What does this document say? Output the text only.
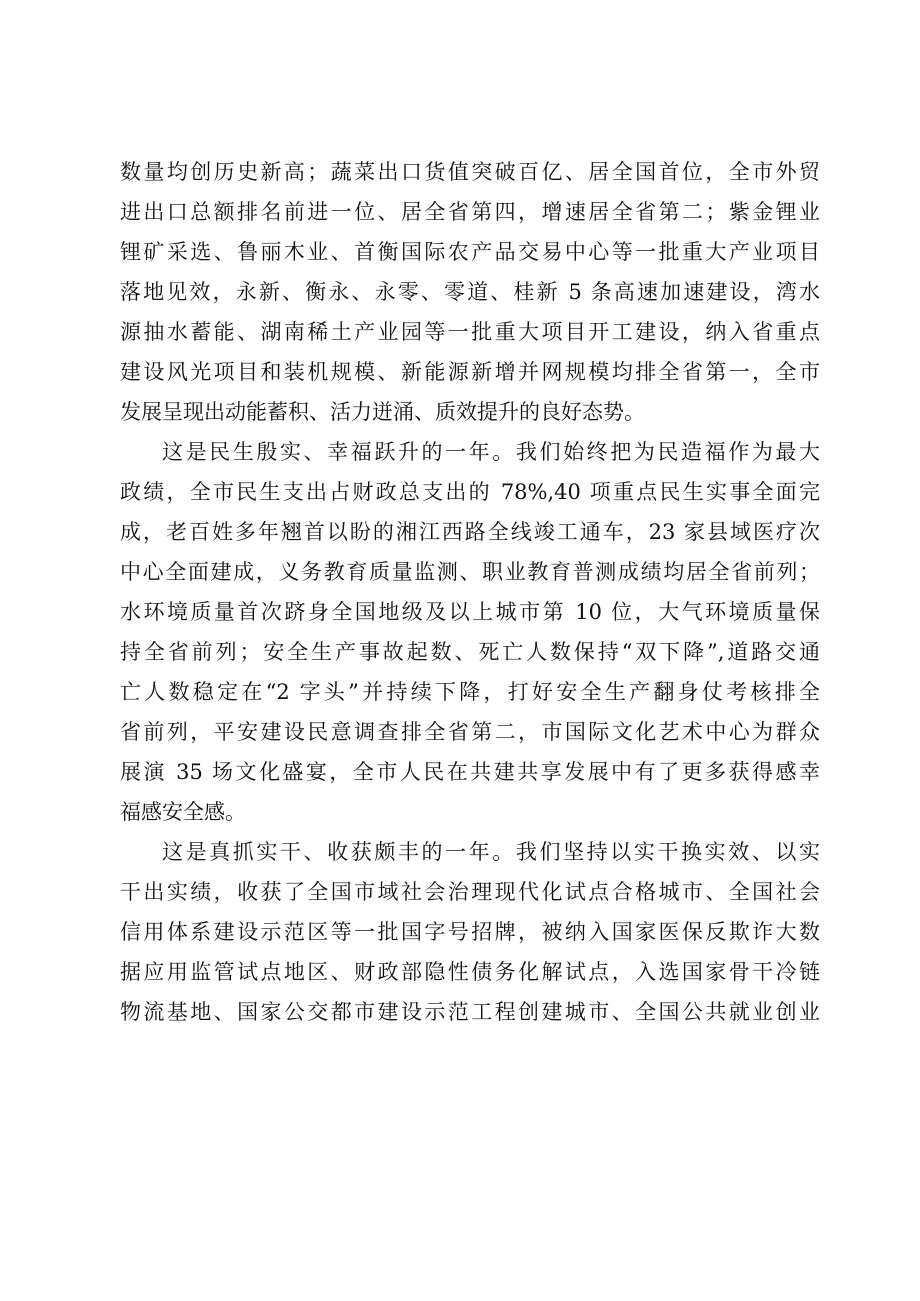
数量均创历史新高；蔬菜出口货值突破百亿、居全国首位，全市外贸
进出口总额排名前进一位、居全省第四，增速居全省第二；紫金锂业
锂矿采选、鲁丽木业、首衡国际农产品交易中心等一批重大产业项目
落地见效，永新、衡永、永零、零道、桂新 5 条高速加速建设，湾水
源抽水蓄能、湖南稀土产业园等一批重大项目开工建设，纳入省重点
建设风光项目和装机规模、新能源新增并网规模均排全省第一，全市
发展呈现出动能蓄积、活力迸涌、质效提升的良好态势。
这是民生殷实、幸福跃升的一年。我们始终把为民造福作为最大
政绩，全市民生支出占财政总支出的 78%,40 项重点民生实事全面完
成，老百姓多年翘首以盼的湘江西路全线竣工通车，23 家县域医疗次
中心全面建成，义务教育质量监测、职业教育普测成绩均居全省前列；
水环境质量首次跻身全国地级及以上城市第 10 位，大气环境质量保
持全省前列；安全生产事故起数、死亡人数保持“双下降”,道路交通
亡人数稳定在“2 字头”并持续下降，打好安全生产翻身仗考核排全
省前列，平安建设民意调查排全省第二，市国际文化艺术中心为群众
展演 35 场文化盛宴，全市人民在共建共享发展中有了更多获得感幸
福感安全感。
这是真抓实干、收获颇丰的一年。我们坚持以实干换实效、以实
干出实绩，收获了全国市域社会治理现代化试点合格城市、全国社会
信用体系建设示范区等一批国字号招牌，被纳入国家医保反欺诈大数
据应用监管试点地区、财政部隐性债务化解试点，入选国家骨干冷链
物流基地、国家公交都市建设示范工程创建城市、全国公共就业创业
